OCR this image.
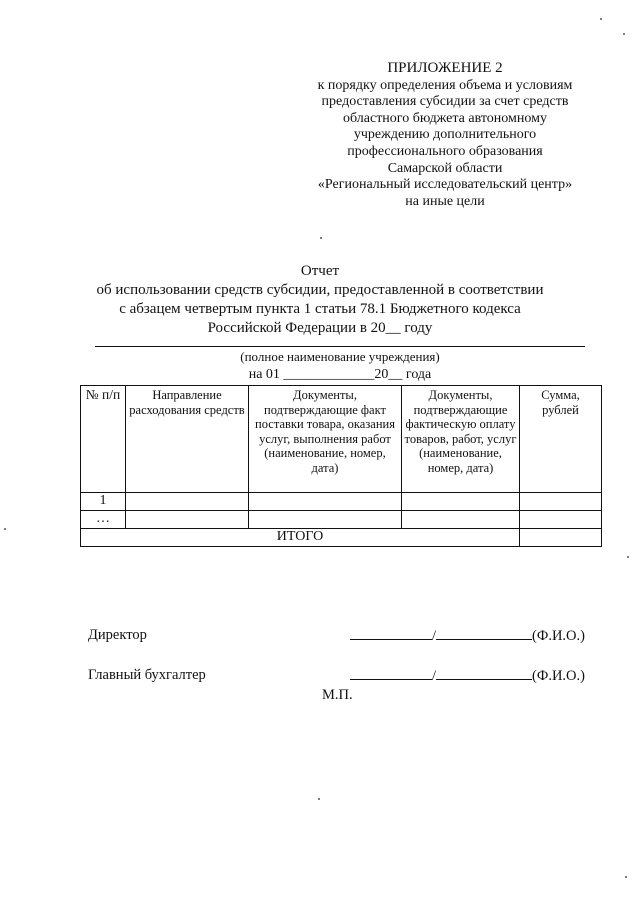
ПРИЛОЖЕНИЕ 2
к порядку определения объема и условиям
предоставления субсидии за счет средств
областного бюджета автономному
учреждению дополнительного
профессионального образования
Самарской области
«Региональный исследовательский центр»
на иные цели
Отчет
об использовании средств субсидии, предоставленной в соответствии
с абзацем четвертым пункта 1 статьи 78.1 Бюджетного кодекса
Российской Федерации в 20__ году
(полное наименование учреждения)
на 01 _____________20__ года
№ п/п	Направление расходования средств	Документы, подтверждающие факт поставки товара, оказания услуг, выполнения работ (наименование, номер, дата)	Документы, подтверждающие фактическую оплату товаров, работ, услуг (наименование, номер, дата)	Сумма, рублей
1				
…				
ИТОГО				
Директор	/	(Ф.И.О.)
Главный бухгалтер	/	(Ф.И.О.)
М.П.
